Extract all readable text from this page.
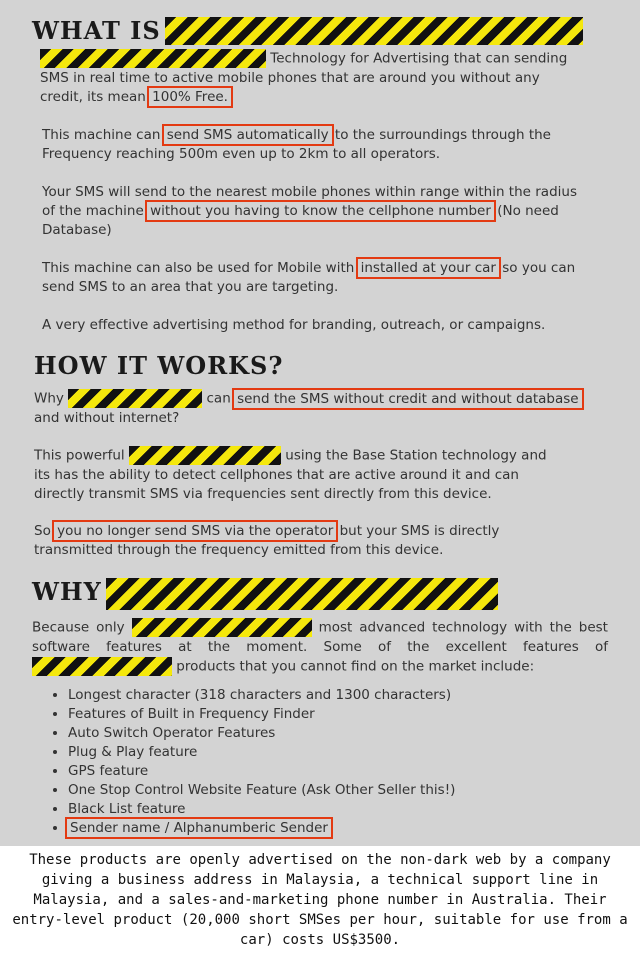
WHAT IS
Technology for Advertising that can sending SMS in real time to active mobile phones that are around you without any credit, its mean 100% Free.
This machine can send SMS automatically to the surroundings through the Frequency reaching 500m even up to 2km to all operators.
Your SMS will send to the nearest mobile phones within range within the radius of the machine without you having to know the cellphone number (No need Database)
This machine can also be used for Mobile with installed at your car so you can send SMS to an area that you are targeting.
A very effective advertising method for branding, outreach, or campaigns.
HOW IT WORKS?
Why	can send the SMS without credit and without database and without internet?
This powerful	using the Base Station technology and its has the ability to detect cellphones that are active around it and can directly transmit SMS via frequencies sent directly from this device.
So you no longer send SMS via the operator but your SMS is directly transmitted through the frequency emitted from this device.
WHY
Because only	most advanced technology with the best software features at the moment. Some of the excellent features of  products that you cannot find on the market include:
• Longest character (318 characters and 1300 characters)
• Features of Built in Frequency Finder
• Auto Switch Operator Features
• Plug & Play feature
• GPS feature
• One Stop Control Website Feature (Ask Other Seller this!)
• Black List feature
• Sender name / Alphanumberic Sender
These products are openly advertised on the non-dark web by a company giving a business address in Malaysia, a technical support line in Malaysia, and a sales-and-marketing phone number in Australia. Their entry-level product (20,000 short SMSes per hour, suitable for use from a car) costs US$3500.
